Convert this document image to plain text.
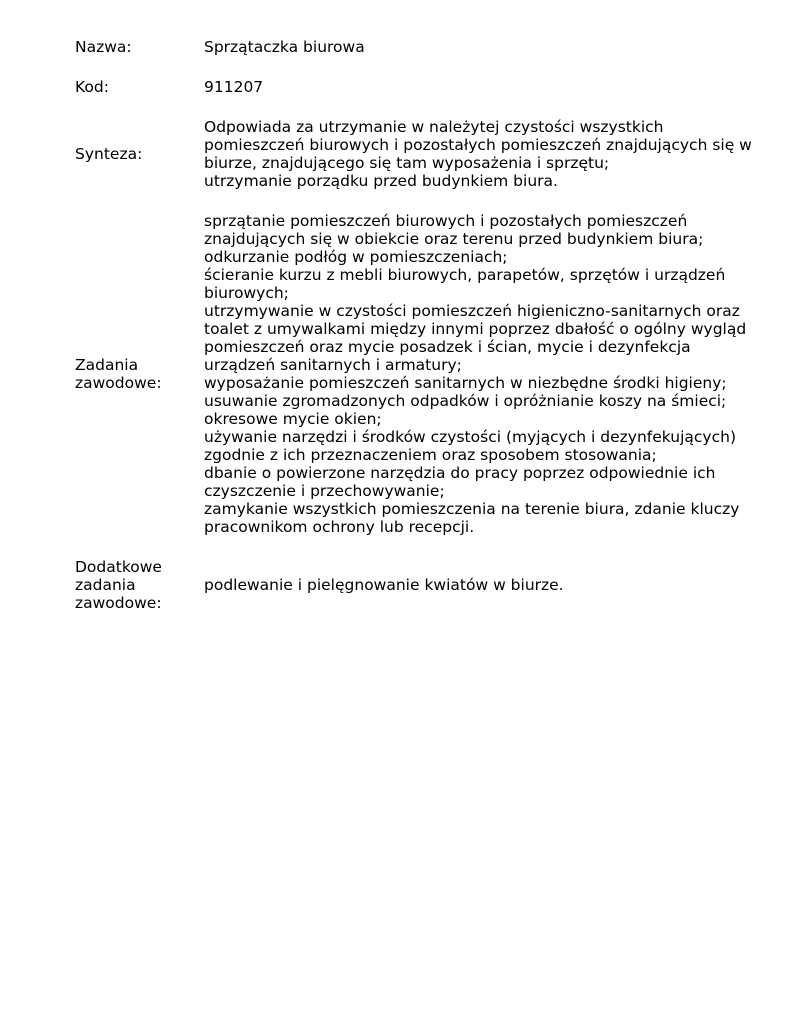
Nazwa:	Sprzątaczka biurowa
Kod:	911207
Synteza:
Odpowiada za utrzymanie w należytej czystości wszystkich
pomieszczeń biurowych i pozostałych pomieszczeń znajdujących się w
biurze, znajdującego się tam wyposażenia i sprzętu;
utrzymanie porządku przed budynkiem biura.
Zadania
zawodowe:
sprzątanie pomieszczeń biurowych i pozostałych pomieszczeń
znajdujących się w obiekcie oraz terenu przed budynkiem biura;
odkurzanie podłóg w pomieszczeniach;
ścieranie kurzu z mebli biurowych, parapetów, sprzętów i urządzeń
biurowych;
utrzymywanie w czystości pomieszczeń higieniczno-sanitarnych oraz
toalet z umywalkami między innymi poprzez dbałość o ogólny wygląd
pomieszczeń oraz mycie posadzek i ścian, mycie i dezynfekcja
urządzeń sanitarnych i armatury;
wyposażanie pomieszczeń sanitarnych w niezbędne środki higieny;
usuwanie zgromadzonych odpadków i opróżnianie koszy na śmieci;
okresowe mycie okien;
używanie narzędzi i środków czystości (myjących i dezynfekujących)
zgodnie z ich przeznaczeniem oraz sposobem stosowania;
dbanie o powierzone narzędzia do pracy poprzez odpowiednie ich
czyszczenie i przechowywanie;
zamykanie wszystkich pomieszczenia na terenie biura, zdanie kluczy
pracownikom ochrony lub recepcji.
Dodatkowe
zadania
zawodowe:
podlewanie i pielęgnowanie kwiatów w biurze.
